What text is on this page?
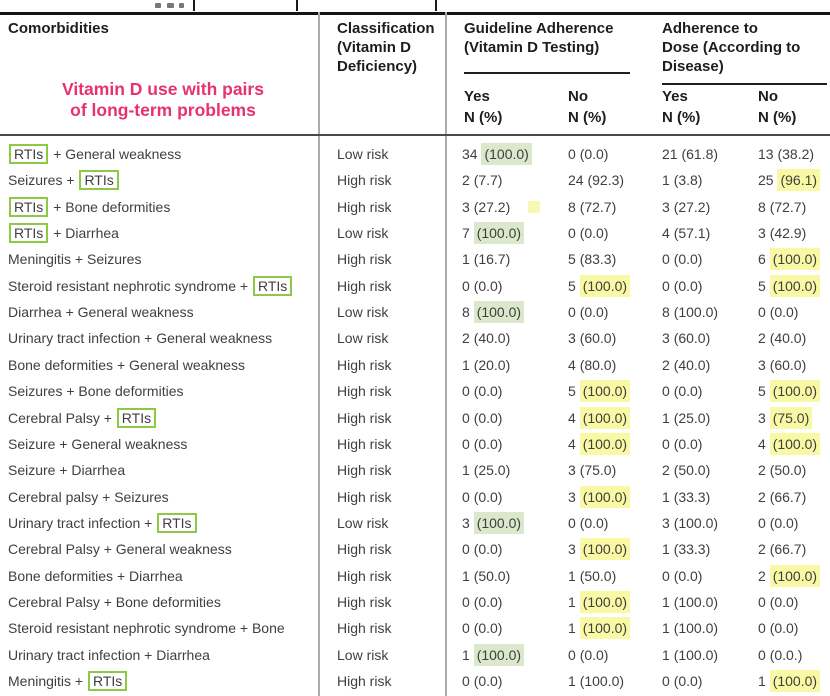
Comorbidities	Classification
(Vitamin D
Deficiency)
Guideline Adherence
(Vitamin D Testing)
Adherence to
Dose (According to
Disease)
Yes
N (%)
No
N (%)
Yes
N (%)
No
N (%)
Vitamin D use with pairs
of long-term problems
RTIs + General weakness	Low risk	34 (100.0)	0 (0.0)	21 (61.8)	13 (38.2)
Seizures + RTIs	High risk	2 (7.7)	24 (92.3)	1 (3.8)	25 (96.1)
RTIs + Bone deformities	High risk	3 (27.2)	8 (72.7)	3 (27.2)	8 (72.7)
RTIs + Diarrhea	Low risk	7 (100.0)	0 (0.0)	4 (57.1)	3 (42.9)
Meningitis + Seizures	High risk	1 (16.7)	5 (83.3)	0 (0.0)	6 (100.0)
Steroid resistant nephrotic syndrome + RTIs	High risk	0 (0.0)	5 (100.0) 0 (0.0)	5 (100.0)
Diarrhea + General weakness	Low risk	8 (100.0)	0 (0.0)	8 (100.0)	0 (0.0)
Urinary tract infection + General weakness	Low risk	2 (40.0)	3 (60.0)	3 (60.0)	2 (40.0)
Bone deformities + General weakness	High risk	1 (20.0)	4 (80.0)	2 (40.0)	3 (60.0)
Seizures + Bone deformities	High risk	0 (0.0)	5 (100.0) 0 (0.0)	5 (100.0)
Cerebral Palsy + RTIs	High risk	0 (0.0)	4 (100.0) 1 (25.0)	3 (75.0)
Seizure + General weakness	High risk	0 (0.0)	4 (100.0) 0 (0.0)	4 (100.0)
Seizure + Diarrhea	High risk	1 (25.0)	3 (75.0)	2 (50.0)	2 (50.0)
Cerebral palsy + Seizures	High risk	0 (0.0)	3 (100.0) 1 (33.3)	2 (66.7)
Urinary tract infection + RTIs	Low risk	3 (100.0)	0 (0.0)	3 (100.0)	0 (0.0)
Cerebral Palsy + General weakness	High risk	0 (0.0)	3 (100.0) 1 (33.3)	2 (66.7)
Bone deformities + Diarrhea	High risk	1 (50.0)	1 (50.0)	0 (0.0)	2 (100.0)
Cerebral Palsy + Bone deformities	High risk	0 (0.0)	1 (100.0) 1 (100.0)	0 (0.0)
Steroid resistant nephrotic syndrome + Bone	High risk	0 (0.0)	1 (100.0) 1 (100.0)	0 (0.0)
Urinary tract infection + Diarrhea	Low risk	1 (100.0)	0 (0.0)	1 (100.0)	0 (0.0.)
Meningitis + RTIs	High risk	0 (0.0)	1 (100.0)	0 (0.0)	1 (100.0)
